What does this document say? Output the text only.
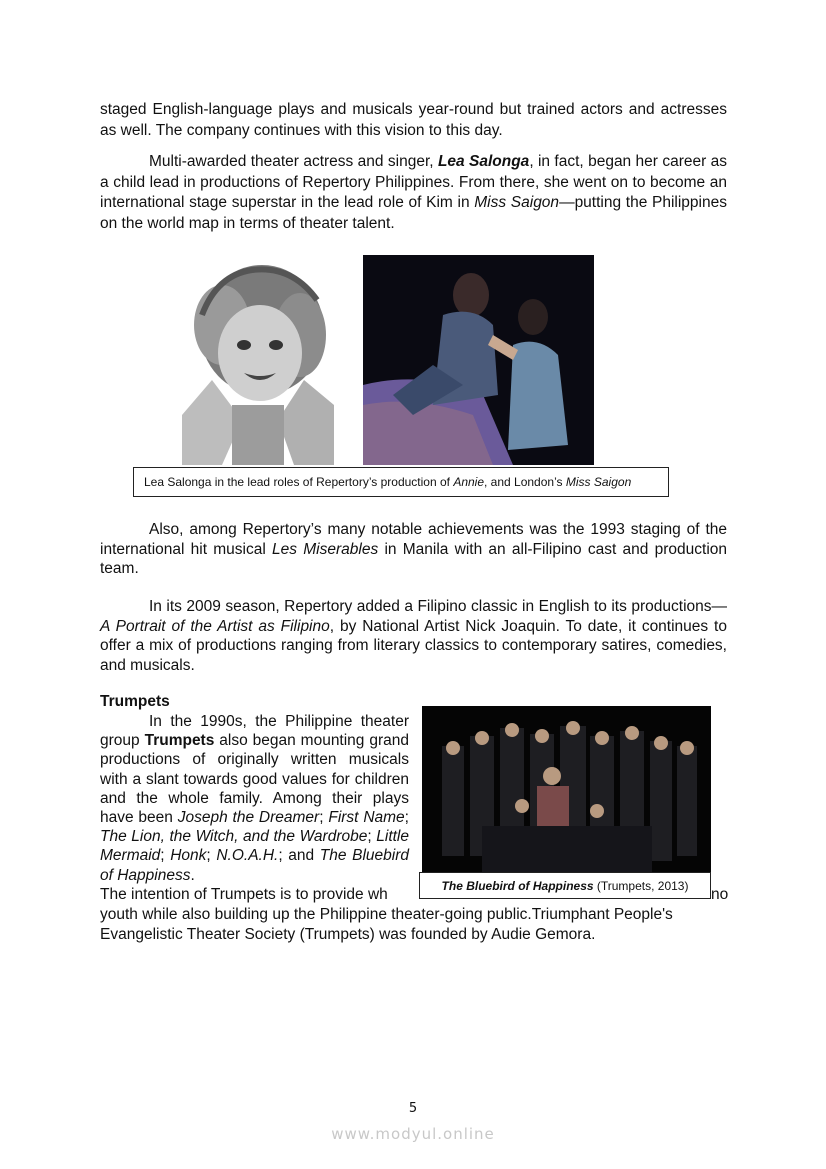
staged English-language plays and musicals year-round but trained actors and actresses as well. The company continues with this vision to this day.

Multi-awarded theater actress and singer, Lea Salonga, in fact, began her career as a child lead in productions of Repertory Philippines. From there, she went on to become an international stage superstar in the lead role of Kim in Miss Saigon—putting the Philippines on the world map in terms of theater talent.

Lea Salonga in the lead roles of Repertory’s production of Annie, and London’s Miss Saigon

Also, among Repertory’s many notable achievements was the 1993 staging of the international hit musical Les Miserables in Manila with an all-Filipino cast and production team.

In its 2009 season, Repertory added a Filipino classic in English to its productions—A Portrait of the Artist as Filipino, by National Artist Nick Joaquin. To date, it continues to offer a mix of productions ranging from literary classics to contemporary satires, comedies, and musicals.

Trumpets

In the 1990s, the Philippine theater group Trumpets also began mounting grand productions of originally written musicals with a slant towards good values for children and the whole family. Among their plays have been Joseph the Dreamer; First Name; The Lion, the Witch, and the Wardrobe; Little Mermaid; Honk; N.O.A.H.; and The Bluebird of Happiness.

The Bluebird of Happiness (Trumpets, 2013)

The intention of Trumpets is to provide wh	no

youth while also building up the Philippine theater-going public.Triumphant People's

Evangelistic Theater Society (Trumpets) was founded by Audie Gemora.

5
www.modyul.online
